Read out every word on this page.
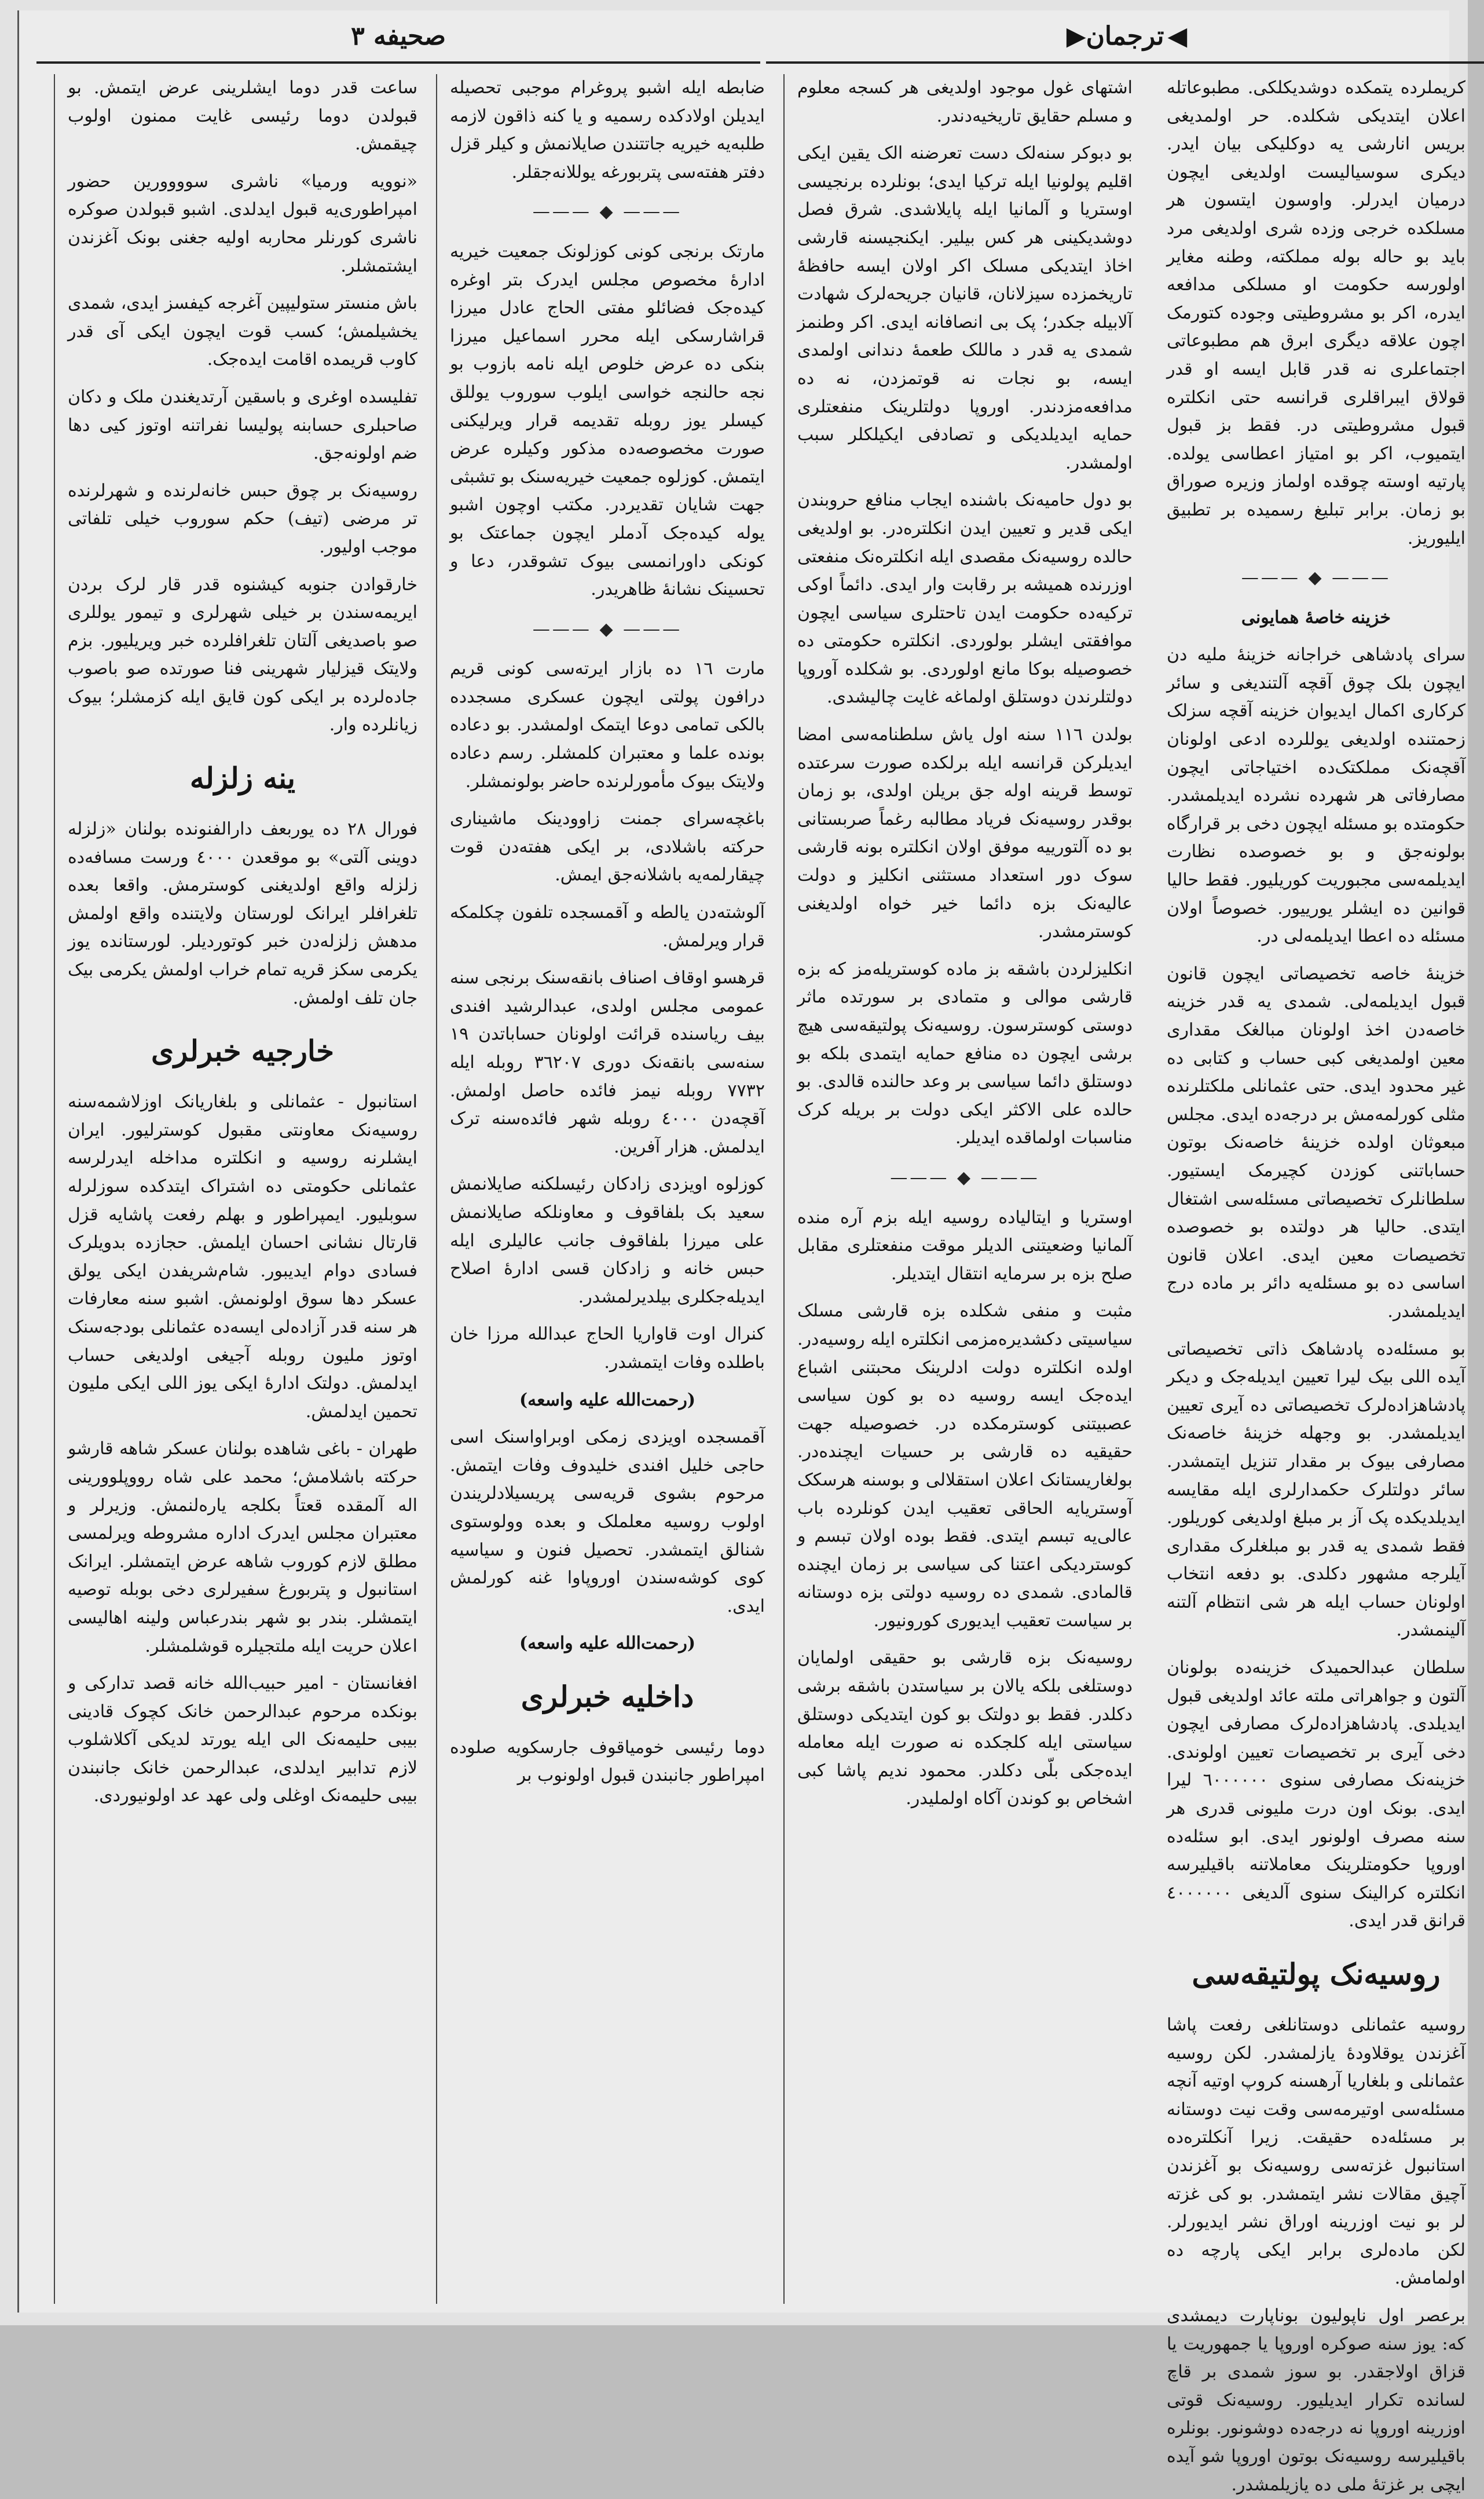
صحیفه ٣	◀
ترجمان
▶

کریملرده یتمکده دوشدیکلکی. مطبوعاتله اعلان ایتدیکی شکلده. حر اولمدیغی بریس انارشی یه دوکلیکی بیان ایدر. دیکری سوسیالیست اولدیغی ایچون درمیان ایدرلر. واوسون ایتسون هر مسلکده خرجی وزده شری اولدیغی مرد باید بو حاله بوله مملکته، وطنه مغایر اولورسه حکومت او مسلکی مدافعه ایدره، اکر بو مشروطیتی وجوده کتورمک اچون علاقه دیگری ابرق هم مطبوعاتی اجتماعلری نه قدر قابل ایسه او قدر قولاق ایبراقلری قرانسه حتی انکلتره قبول مشروطیتی در. فقط بز قبول ایتمیوب، اکر بو امتیاز اعطاسی یولده. پارتیه اوسته چوقده اولماز وزیره صوراق بو زمان. برابر تبلیغ رسمیده بر تطبیق ایلیوریز.

——— ◆ ———

خزینه خاصهٔ همایونی

سرای پادشاهی خراجانه خزینهٔ ملیه دن ایچون بلک چوق آقچه آلتندیغی و سائر کرکاری اکمال ایدیوان خزینه آقچه سزلک زحمتنده اولدیغی یوللرده ادعی اولونان آقچه‌نک مملکتک‌ده اختیاجاتی ایچون مصارفاتی هر شهرده نشرده ایدیلمشدر. حکومتده بو مسئله ایچون دخی بر قرارگاه بولونه‌جق و بو خصوصده نظارت ایدیلمه‌سی مجبوریت کوریلیور. فقط حالیا قوانین ده ایشلر یورییور. خصوصاً اولان مسئله ده اعطا ایدیلمه‌لی در.

خزینهٔ خاصه تخصیصاتی ایچون قانون قبول ایدیلمه‌لی. شمدی یه قدر خزینه خاصه‌دن اخذ اولونان مبالغک مقداری معین اولمدیغی کبی حساب و کتابی ده غیر محدود ایدی. حتی عثمانلی ملکتلرنده مثلی کورلمه‌مش بر درجه‌ده ایدی. مجلس مبعوثان اولده خزینهٔ خاصه‌نک بوتون حساباتنی کوزدن کچیرمک ایستیور. سلطانلرک تخصیصاتی مسئله‌سی اشتغال ایتدی. حالیا هر دولتده بو خصوصده تخصیصات معین ایدی. اعلان قانون اساسی ده بو مسئله‌یه دائر بر ماده درج ایدیلمشدر.

بو مسئله‌ده پادشاهک ذاتی تخصیصاتی آیده اللی بیک لیرا تعیین ایدیله‌جک و دیکر پادشاهزاده‌لرک تخصیصاتی ده آیری تعیین ایدیلمشدر. بو وجهله خزینهٔ خاصه‌نک مصارفی بیوک بر مقدار تنزیل ایتمشدر. سائر دولتلرک حکمدارلری ایله مقایسه ایدیلدیکده پک آز بر مبلغ اولدیغی کوریلور. فقط شمدی یه قدر بو مبلغلرک مقداری آیلرجه مشهور دکلدی. بو دفعه انتخاب اولونان حساب ایله هر شی انتظام آلتنه آلینمشدر.

سلطان عبدالحمیدک خزینه‌ده بولونان آلتون و جواهراتی ملته عائد اولدیغی قبول ایدیلدی. پادشاهزاده‌لرک مصارفی ایچون دخی آیری بر تخصیصات تعیین اولوندی. خزینه‌نک مصارفی سنوی ٦٠٠٠٠٠٠ لیرا ایدی. بونک اون درت ملیونی قدری هر سنه مصرف اولونور ایدی. ابو سئله‌ده اوروپا حکومتلرینک معاملاتنه باقیلیرسه انکلتره کرالینک سنوی آلدیغی ٤٠٠٠٠٠٠ قرانق قدر ایدی.

روسیه‌نک پولتیقه‌سی

روسیه عثمانلی دوستانلغی رفعت پاشا آغزندن یوقلاودهٔ یازلمشدر. لکن روسیه عثمانلی و بلغاریا آرهسنه کروپ اوتیه آنچه مسئله‌سی اوتیرمه‌سی وقت نیت دوستانه بر مسئله‌ده حقیقت. زیرا آنکلتره‌ده استانبول غزته‌سی روسیه‌نک بو آغزندن آچیق مقالات نشر ایتمشدر. بو کی غزته لر بو نیت اوزرینه اوراق نشر ایدیورلر. لکن ماده‌لری برابر ایکی پارچه ده اولمامش.

برعصر اول ناپولیون بوناپارت دیمشدی که: یوز سنه صوکره اوروپا یا جمهوریت یا قزاق اولاجقدر. بو سوز شمدی بر قاچ لسانده تکرار ایدیلیور. روسیه‌نک قوتی اوزرینه اوروپا نه درجه‌ده دوشونور. بونلره باقیلیرسه روسیه‌نک بوتون اوروپا شو آیده ایچی بر غزتهٔ ملی ده یازیلمشدر.

اشتهای غول موجود اولدیغی هر کسجه معلوم و مسلم حقایق تاریخیه‌دندر.

بو دبوکر سنه‌لک دست تعرضنه الک یقین ایکی اقلیم پولونیا ایله ترکیا ایدی؛ بونلرده برنجیسی اوستریا و آلمانیا ایله پایلاشدی. شرق فصل دوشدیکینی هر کس بیلیر. ایکنجیسنه قارشی اخاذ ایتدیکی مسلک اکر اولان ایسه حافظهٔ تاریخمزده سیزلانان، قانیان جریحه‌لرک شهادت آلابیله جکدر؛ پک بی انصافانه ایدی. اکر وطنمز شمدی یه قدر د ماللک طعمهٔ دندانی اولمدی ایسه، بو نجات نه قوتمزدن، نه ده مدافعه‌مزدندر. اوروپا دولتلرینک منفعتلری حمایه ایدیلدیکی و تصادفی ایکیلکلر سبب اولمشدر.

بو دول حامیه‌نک باشنده ایجاب منافع حروبندن ایکی قدیر و تعیین ایدن انکلتره‌در. بو اولدیغی حالده روسیه‌نک مقصدی ایله انکلتره‌نک منفعتی اوزرنده همیشه بر رقابت وار ایدی. دائماً اوکی ترکیه‌ده حکومت ایدن تاحتلری سیاسی ایچون موافقتی ایشلر بولوردی. انکلتره حکومتی ده خصوصیله بوکا مانع اولوردی. بو شکلده آوروپا دولتلرندن دوستلق اولماغه غایت چالیشدی.

بولدن ١١٦ سنه اول یاش سلطنامه‌سی امضا ایدیلرکن قرانسه ایله برلکده صورت سرعتده توسط قرینه اوله جق بریلن اولدی، بو زمان بوقدر روسیه‌نک فریاد مطالبه رغماً صربستانی بو ده آلتورییه موفق اولان انکلتره بونه قارشی سوک دور استعداد مستثنی انکلیز و دولت عالیه‌نک بزه دائما خیر خواه اولدیغنی کوسترمشدر.

انکلیزلردن باشقه بز ماده کوستریله‌مز که بزه قارشی موالی و متمادی بر سورتده ماثر دوستی کوسترسون. روسیه‌نک پولتیقه‌سی هیچ برشی ایچون ده منافع حمایه ایتمدی بلکه بو دوستلق دائما سیاسی بر وعد حالنده قالدی. بو حالده علی الاکثر ایکی دولت بر بریله کرک مناسبات اولماقده ایدیلر.

——— ◆ ———

اوستریا و ایتالیاده روسیه ایله بزم آره منده آلمانیا وضعیتنی الدیلر موقت منفعتلری مقابل صلح بزه بر سرمایه انتقال ایتدیلر.

مثبت و منفی شکلده بزه قارشی مسلک سیاسیتی دکشدیره‌مزمی انکلتره ایله روسیه‌در. اولده انکلتره دولت ادلرینک محبتنی اشباع ایده‌جک ایسه روسیه ده بو کون سیاسی عصبیتنی کوسترمکده در. خصوصیله جهت حقیقیه ده قارشی بر حسیات ایچنده‌در. بولغاریستانک اعلان استقلالی و بوسنه هرسکک آوستریایه الحاقی تعقیب ایدن کونلرده باب عالی‌یه تبسم ایتدی. فقط بوده اولان تبسم و کوستردیکی اعتنا کی سیاسی بر زمان ایچنده قالمادی. شمدی ده روسیه دولتی بزه دوستانه بر سیاست تعقیب ایدیوری کورونیور.

روسیه‌نک بزه قارشی بو حقیقی اولمایان دوستلغی بلکه یالان بر سیاستدن باشقه برشی دکلدر. فقط بو دولتک بو کون ایتدیکی دوستلق سیاستی ایله کلجکده نه صورت ایله معامله ایده‌جکی بلّی دکلدر. محمود ندیم پاشا کبی اشخاص بو کوندن آکاه اولملیدر.

ضابطه ایله اشبو پروغرام موجبی تحصیله ایدیلن اولادکده رسمیه و یا کنه ذاقون لازمه طلبه‌یه خیریه جاتتندن صایلانمش و کیلر قزل دفتر هفته‌سی پتربورغه یوللانه‌جقلر.

——— ◆ ———

مارتک برنجی کونی کوزلونک جمعیت خیریه ادارهٔ مخصوص مجلس ایدرک بتر اوغره کیده‌جک فضائلو مفتی الحاج عادل میرزا قراشارسکی ایله محرر اسماعیل میرزا بنکی ده عرض خلوص ایله نامه بازوب بو نجه حالنجه خواسی ایلوب سوروب یوللق کیسلر یوز روبله تقدیمه قرار ویرلیکنی صورت مخصوصه‌ده مذکور وکیلره عرض ایتمش. کوزلوه جمعیت خیریه‌سنک بو تشبثی جهت شایان تقدیردر. مکتب اوچون اشبو یوله کیده‌جک آدملر ایچون جماعتک بو کونکی داورانمسی بیوک تشوقدر، دعا و تحسینک نشانهٔ ظاهریدر.

——— ◆ ———

مارت ١٦ ده بازار ایرته‌سی کونی قریم درافون پولتی ایچون عسکری مسجدده بالکی تمامی دوعا ایتمک اولمشدر. بو دعاده بونده علما و معتبران کلمشلر. رسم دعاده ولایتک بیوک مأمورلرنده حاضر بولونمشلر.

باغچه‌سرای جمنت زاوودینک ماشیناری حرکته باشلادی، بر ایکی هفته‌دن قوت چیقارلمه‌یه باشلانه‌جق ایمش.

آلوشته‌دن یالطه و آقمسجده تلفون چکلمکه قرار ویرلمش.

قرهسو اوقاف اصناف بانقه‌سنک برنجی سنه عمومی مجلس اولدی، عبدالرشید افندی بیف رياسنده قرائت اولونان حساباتدن ١٩ سنه‌سی بانقه‌نک دوری ٣٦٢٠٧ روبله ایله ٧٧٣٢ روبله نیمز فائده حاصل اولمش. آقچه‌دن ٤٠٠٠ روبله شهر فائده‌سنه ترک ایدلمش. هزار آفرین.

کوزلوه اویزدی زادکان رئیسلکنه صایلانمش سعید بک بلفاقوف و معاونلکه صایلانمش علی میرزا بلفاقوف جانب عالیلری ایله حبس خانه و زادکان قسی ادارهٔ اصلاح ایدیله‌جکلری بیلدیرلمشدر.

کنرال اوت قاواریا الحاج عبدالله مرزا خان باطلده وفات ایتمشدر.

(رحمت‌الله علیه واسعه)

آقمسجده اویزدی زمکی اوبراواسنک اسی حاجی خلیل افندی خلیدوف وفات ایتمش. مرحوم بشوی قریه‌سی پریسیلادلریندن اولوب روسیه معلملک و بعده وولوستوی شنالق ایتمشدر. تحصیل فنون و سیاسیه کوی کوشه‌سندن اوروپاوا غنه کورلمش ایدی.

(رحمت‌الله علیه واسعه)

داخلیه خبرلری

دوما رئیسی خومیاقوف جارسکویه صلوده امپراطور جانبندن قبول اولونوب بر

ساعت قدر دوما ایشلرینی عرض ایتمش. بو قبولدن دوما رئیسی غایت ممنون اولوب چیقمش.

«نوویه ورمیا» ناشری سوووورین حضور امپراطوری‌یه قبول ایدلدی. اشبو قبولدن صوکره ناشری کورنلر محاربه اولیه جغنی بونک آغزندن ایشتمشلر.

باش منستر ستولیپین آغرجه کیفسز ایدی، شمدی یخشیلمش؛ کسب قوت ایچون ایکی آی قدر کاوب قریمده اقامت ایده‌جک.

تفلیسده اوغری و باسقین آرتدیغندن ملک و دکان صاحبلری حسابنه پولیسا نفراتنه اوتوز کیی دها ضم اولونه‌جق.

روسیه‌نک بر چوق حبس خانه‌لرنده و شهرلرنده تر مرضی (تیف) حکم سوروب خیلی تلفاتی موجب اولیور.

خارقوادن جنوبه کیشنوه قدر قار لرک بردن ایریمه‌سندن بر خیلی شهرلری و تیمور یوللری صو باصدیغی آلتان تلغرافلرده خبر ویریلیور. بزم ولایتک قیزلیار شهرینی فنا صورتده صو باصوب جاده‌لرده بر ایکی کون قایق ایله کزمشلر؛ بیوک زیانلرده وار.

ینه زلزله

فورال ٢٨ ده یوربعف دارالفنونده بولنان «زلزله دوینی آلتی» بو موقعدن ٤٠٠٠ ورست مسافه‌ده زلزله واقع اولدیغنی کوسترمش. واقعا بعده تلغرافلر ایرانک لورستان ولایتنده واقع اولمش مدهش زلزله‌دن خبر کوتوردیلر. لورستانده یوز یکرمی سکز قریه تمام خراب اولمش یکرمی بیک جان تلف اولمش.

خارجیه خبرلری

استانبول - عثمانلی و بلغاریانک اوزلاشمه‌سنه روسیه‌نک معاونتی مقبول کوسترلیور. ایران ایشلرنه روسیه و انکلتره مداخله ایدرلرسه عثمانلی حکومتی ده اشتراک ایتدکده سوزلرله سوبلیور. ایمپراطور و بهلم رفعت پاشایه قزل قارتال نشانی احسان ایلمش. حجازده بدویلرک فسادی دوام ایدیبور. شام‌شریفدن ایکی یولق عسکر دها سوق اولونمش. اشبو سنه معارفات هر سنه قدر آزاده‌لی ایسه‌ده عثمانلی بودجه‌سنک اوتوز ملیون روبله آجیغی اولدیغی حساب ایدلمش. دولتک ادارهٔ ایکی یوز اللی ایکی ملیون تحمین ایدلمش.

طهران - باغی شاهده بولنان عسکر شاهه قارشو حرکته باشلامش؛ محمد علی شاه رووپلوورینی اله آلمقده قعتاً بکلجه یاره‌لنمش. وزیرلر و معتبران مجلس ایدرک اداره مشروطه ویرلمسی مطلق لازم کوروب شاهه عرض ایتمشلر. ایرانک استانبول و پتربورغ سفیرلری دخی بوبله توصیه ایتمشلر. بندر بو شهر بندرعباس ولینه اهالیسی اعلان حریت ایله ملتجیلره قوشلمشلر.

افغانستان - امیر حبیب‌الله خانه قصد تدارکی و بونکده مرحوم عبدالرحمن خانک کچوک قادینی بیبی حلیمه‌نک الی ایله یورتد لدیکی آکلاشلوب لازم تدابیر ایدلدی، عبدالرحمن خانک جانبندن بیبی حلیمه‌نک اوغلی ولی عهد عد اولونیوردی.
